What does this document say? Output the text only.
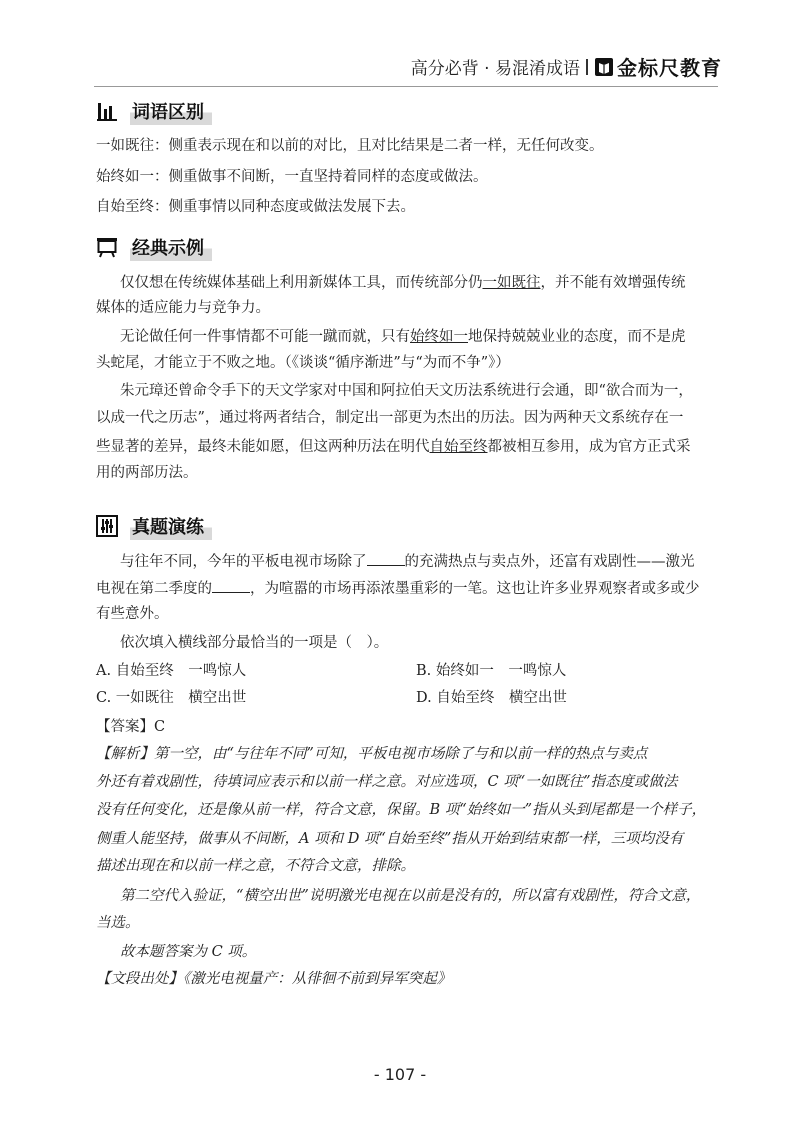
高分必背 · 易混淆成语 金标尺教育
词语区别
一如既往：侧重表示现在和以前的对比，且对比结果是二者一样，无任何改变。
始终如一：侧重做事不间断，一直坚持着同样的态度或做法。
自始至终：侧重事情以同种态度或做法发展下去。
经典示例
仅仅想在传统媒体基础上利用新媒体工具，而传统部分仍一如既往，并不能有效增强传统
媒体的适应能力与竞争力。
无论做任何一件事情都不可能一蹴而就，只有始终如一地保持兢兢业业的态度，而不是虎
头蛇尾，才能立于不败之地。（《谈谈“循序渐进”与“为而不争”》）
朱元璋还曾命令手下的天文学家对中国和阿拉伯天文历法系统进行会通，即“欲合而为一，
以成一代之历志”，通过将两者结合，制定出一部更为杰出的历法。因为两种天文系统存在一
些显著的差异，最终未能如愿，但这两种历法在明代自始至终都被相互参用，成为官方正式采
用的两部历法。
真题演练
与往年不同，今年的平板电视市场除了	的充满热点与卖点外，还富有戏剧性——激光
电视在第二季度的	，为喧嚣的市场再添浓墨重彩的一笔。这也让许多业界观察者或多或少
有些意外。
依次填入横线部分最恰当的一项是（　）。
A. 自始至终　一鸣惊人	B. 始终如一　一鸣惊人
C. 一如既往　横空出世	D. 自始至终　横空出世
【答案】C
【解析】第一空，由“与往年不同”可知，平板电视市场除了与和以前一样的热点与卖点
外还有着戏剧性，待填词应表示和以前一样之意。对应选项，C 项“一如既往”指态度或做法
没有任何变化，还是像从前一样，符合文意，保留。B 项“始终如一”指从头到尾都是一个样子，
侧重人能坚持，做事从不间断，A 项和 D 项“自始至终”指从开始到结束都一样，三项均没有
描述出现在和以前一样之意，不符合文意，排除。
第二空代入验证，“横空出世”说明激光电视在以前是没有的，所以富有戏剧性，符合文意，
当选。
故本题答案为 C 项。
【文段出处】《激光电视量产：从徘徊不前到异军突起》
- 107 -
